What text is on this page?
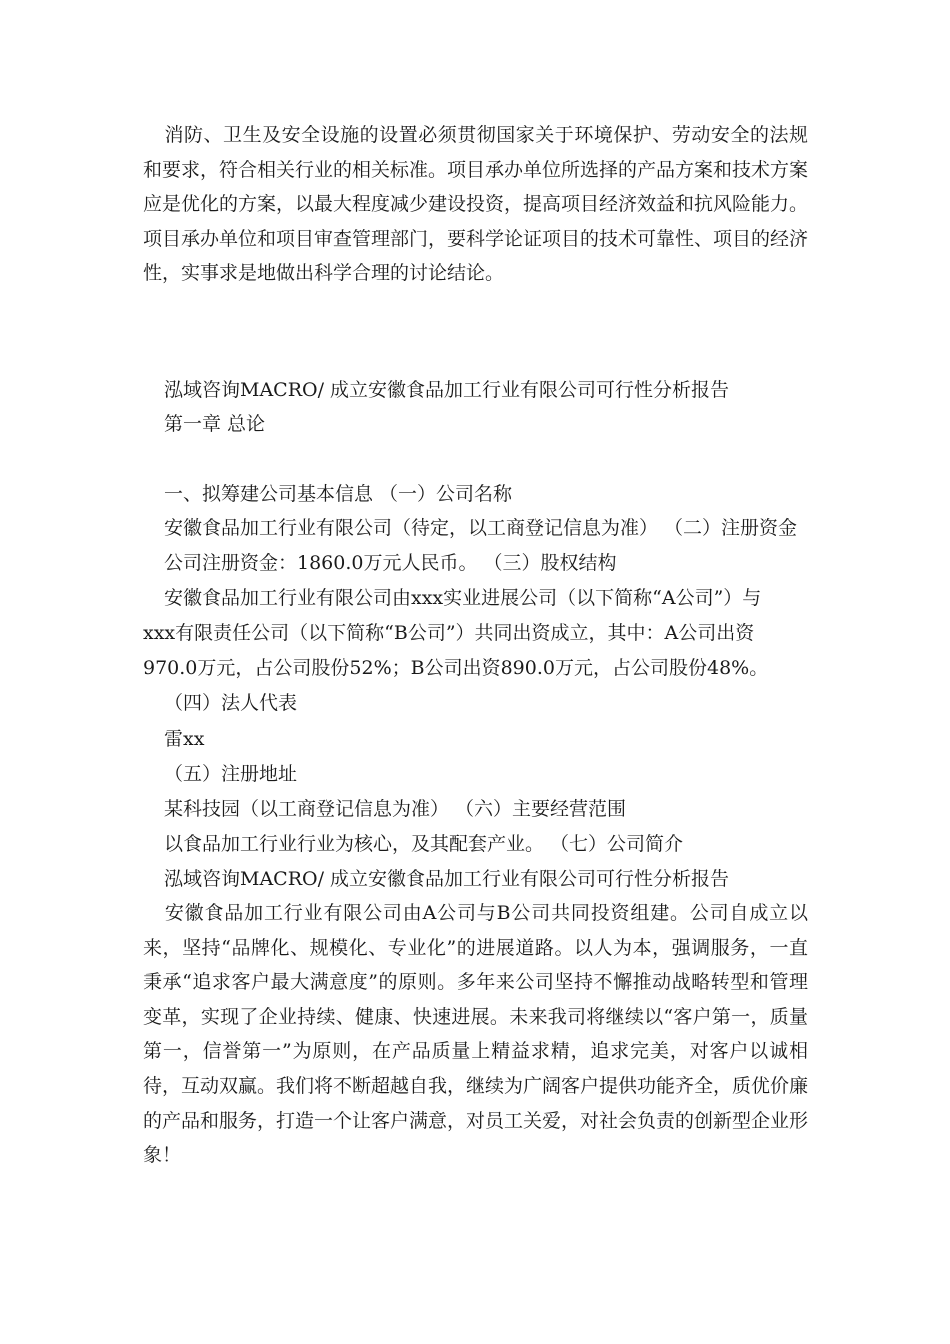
消防、卫生及安全设施的设置必须贯彻国家关于环境保护、劳动安全的法规和要求，符合相关行业的相关标准。项目承办单位所选择的产品方案和技术方案应是优化的方案，以最大程度减少建设投资，提高项目经济效益和抗风险能力。项目承办单位和项目审查管理部门，要科学论证项目的技术可靠性、项目的经济性，实事求是地做出科学合理的讨论结论。

泓域咨询MACRO/ 成立安徽食品加工行业有限公司可行性分析报告

第一章 总论

一、拟筹建公司基本信息 （一）公司名称

安徽食品加工行业有限公司（待定，以工商登记信息为准） （二）注册资金

公司注册资金：1860.0万元人民币。 （三）股权结构

安徽食品加工行业有限公司由xxx实业进展公司（以下简称“A公司”）与

xxx有限责任公司（以下简称“B公司”）共同出资成立，其中：A公司出资

970.0万元，占公司股份52%；B公司出资890.0万元，占公司股份48%。

（四）法人代表

雷xx

（五）注册地址

某科技园（以工商登记信息为准） （六）主要经营范围

以食品加工行业行业为核心，及其配套产业。 （七）公司简介

泓域咨询MACRO/ 成立安徽食品加工行业有限公司可行性分析报告

安徽食品加工行业有限公司由A公司与B公司共同投资组建。公司自成立以来，坚持“品牌化、规模化、专业化”的进展道路。以人为本，强调服务，一直秉承“追求客户最大满意度”的原则。多年来公司坚持不懈推动战略转型和管理变革，实现了企业持续、健康、快速进展。未来我司将继续以“客户第一，质量第一，信誉第一”为原则，在产品质量上精益求精，追求完美，对客户以诚相待，互动双赢。我们将不断超越自我，继续为广阔客户提供功能齐全，质优价廉的产品和服务，打造一个让客户满意，对员工关爱，对社会负责的创新型企业形象！
